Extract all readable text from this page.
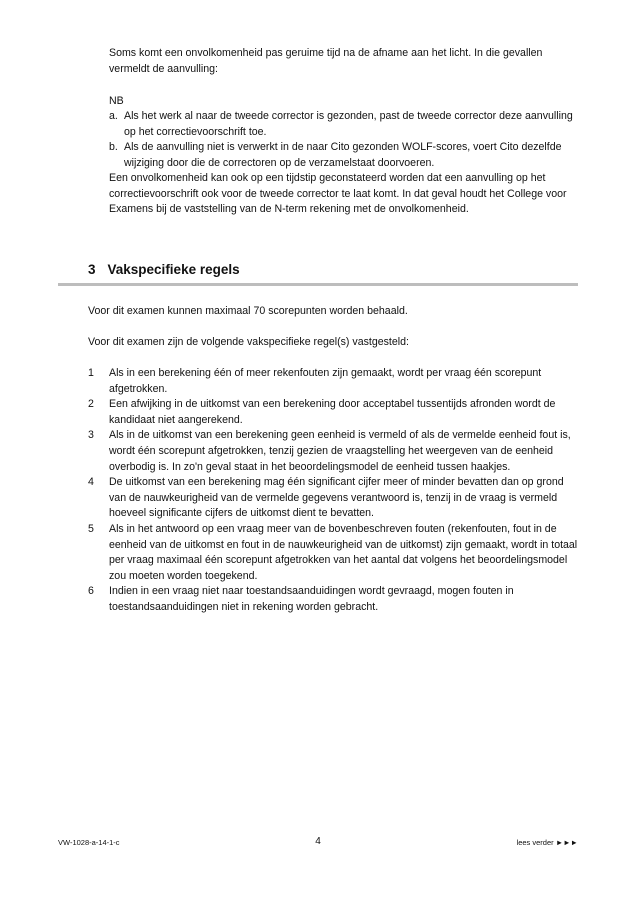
Soms komt een onvolkomenheid pas geruime tijd na de afname aan het licht. In die gevallen vermeldt de aanvulling:

NB

a. Als het werk al naar de tweede corrector is gezonden, past de tweede corrector deze aanvulling op het correctievoorschrift toe.
b. Als de aanvulling niet is verwerkt in de naar Cito gezonden WOLF-scores, voert Cito dezelfde wijziging door die de correctoren op de verzamelstaat doorvoeren.

Een onvolkomenheid kan ook op een tijdstip geconstateerd worden dat een aanvulling op het correctievoorschrift ook voor de tweede corrector te laat komt. In dat geval houdt het College voor Examens bij de vaststelling van de N-term rekening met de onvolkomenheid.

3 Vakspecifieke regels

Voor dit examen kunnen maximaal 70 scorepunten worden behaald.

Voor dit examen zijn de volgende vakspecifieke regel(s) vastgesteld:

1	Als in een berekening één of meer rekenfouten zijn gemaakt, wordt per vraag één scorepunt afgetrokken.
2	Een afwijking in de uitkomst van een berekening door acceptabel tussentijds afronden wordt de kandidaat niet aangerekend.
3	Als in de uitkomst van een berekening geen eenheid is vermeld of als de vermelde eenheid fout is, wordt één scorepunt afgetrokken, tenzij gezien de vraagstelling het weergeven van de eenheid overbodig is. In zo'n geval staat in het beoordelingsmodel de eenheid tussen haakjes.
4	De uitkomst van een berekening mag één significant cijfer meer of minder bevatten dan op grond van de nauwkeurigheid van de vermelde gegevens verantwoord is, tenzij in de vraag is vermeld hoeveel significante cijfers de uitkomst dient te bevatten.
5	Als in het antwoord op een vraag meer van de bovenbeschreven fouten (rekenfouten, fout in de eenheid van de uitkomst en fout in de nauwkeurigheid van de uitkomst) zijn gemaakt, wordt in totaal per vraag maximaal één scorepunt afgetrokken van het aantal dat volgens het beoordelingsmodel zou moeten worden toegekend.
6	Indien in een vraag niet naar toestandsaanduidingen wordt gevraagd, mogen fouten in toestandsaanduidingen niet in rekening worden gebracht.
VW-1028-a-14-1-c	4	lees verder ►►►
